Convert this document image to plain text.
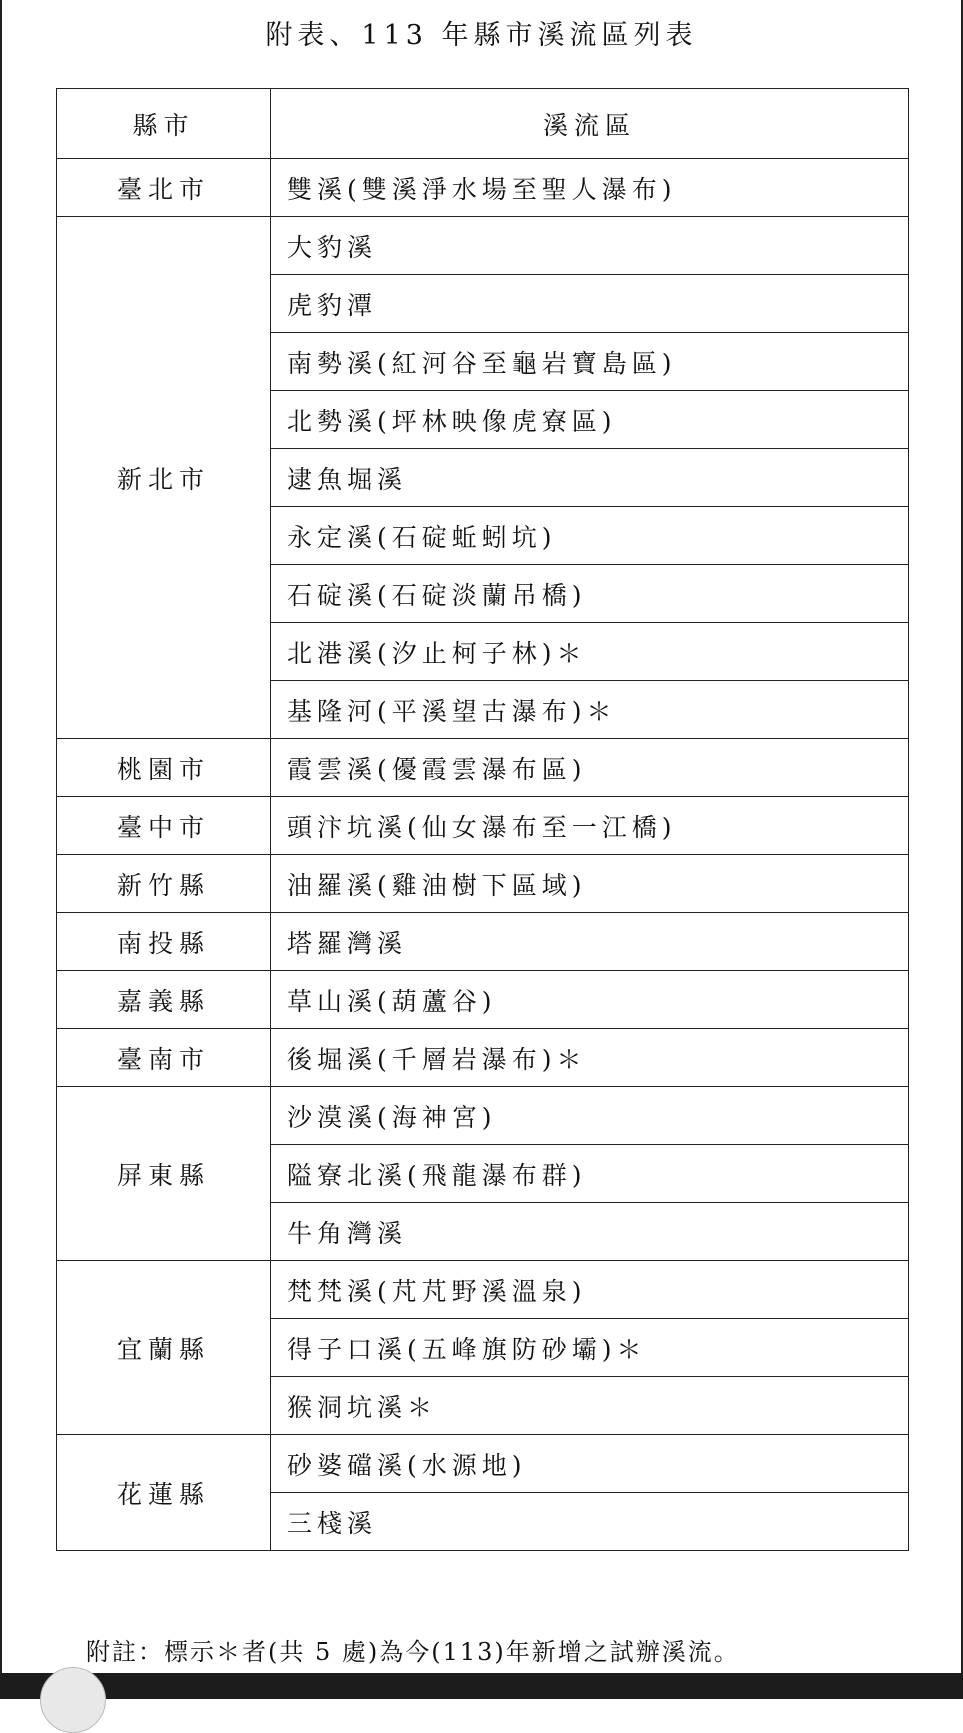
附表、113 年縣市溪流區列表
縣市	溪流區
臺北市	雙溪(雙溪淨水場至聖人瀑布)
新北市	大豹溪
	虎豹潭
	南勢溪(紅河谷至龜岩寶島區)
	北勢溪(坪林映像虎寮區)
	逮魚堀溪
	永定溪(石碇蚯蚓坑)
	石碇溪(石碇淡蘭吊橋)
	北港溪(汐止柯子林)＊
	基隆河(平溪望古瀑布)＊
桃園市	霞雲溪(優霞雲瀑布區)
臺中市	頭汴坑溪(仙女瀑布至一江橋)
新竹縣	油羅溪(雞油樹下區域)
南投縣	塔羅灣溪
嘉義縣	草山溪(葫蘆谷)
臺南市	後堀溪(千層岩瀑布)＊
屏東縣	沙漠溪(海神宮)
	隘寮北溪(飛龍瀑布群)
	牛角灣溪
宜蘭縣	梵梵溪(芃芃野溪溫泉)
	得子口溪(五峰旗防砂壩)＊
	猴洞坑溪＊
花蓮縣	砂婆礑溪(水源地)
	三棧溪
附註：標示＊者(共 5 處)為今(113)年新增之試辦溪流。
